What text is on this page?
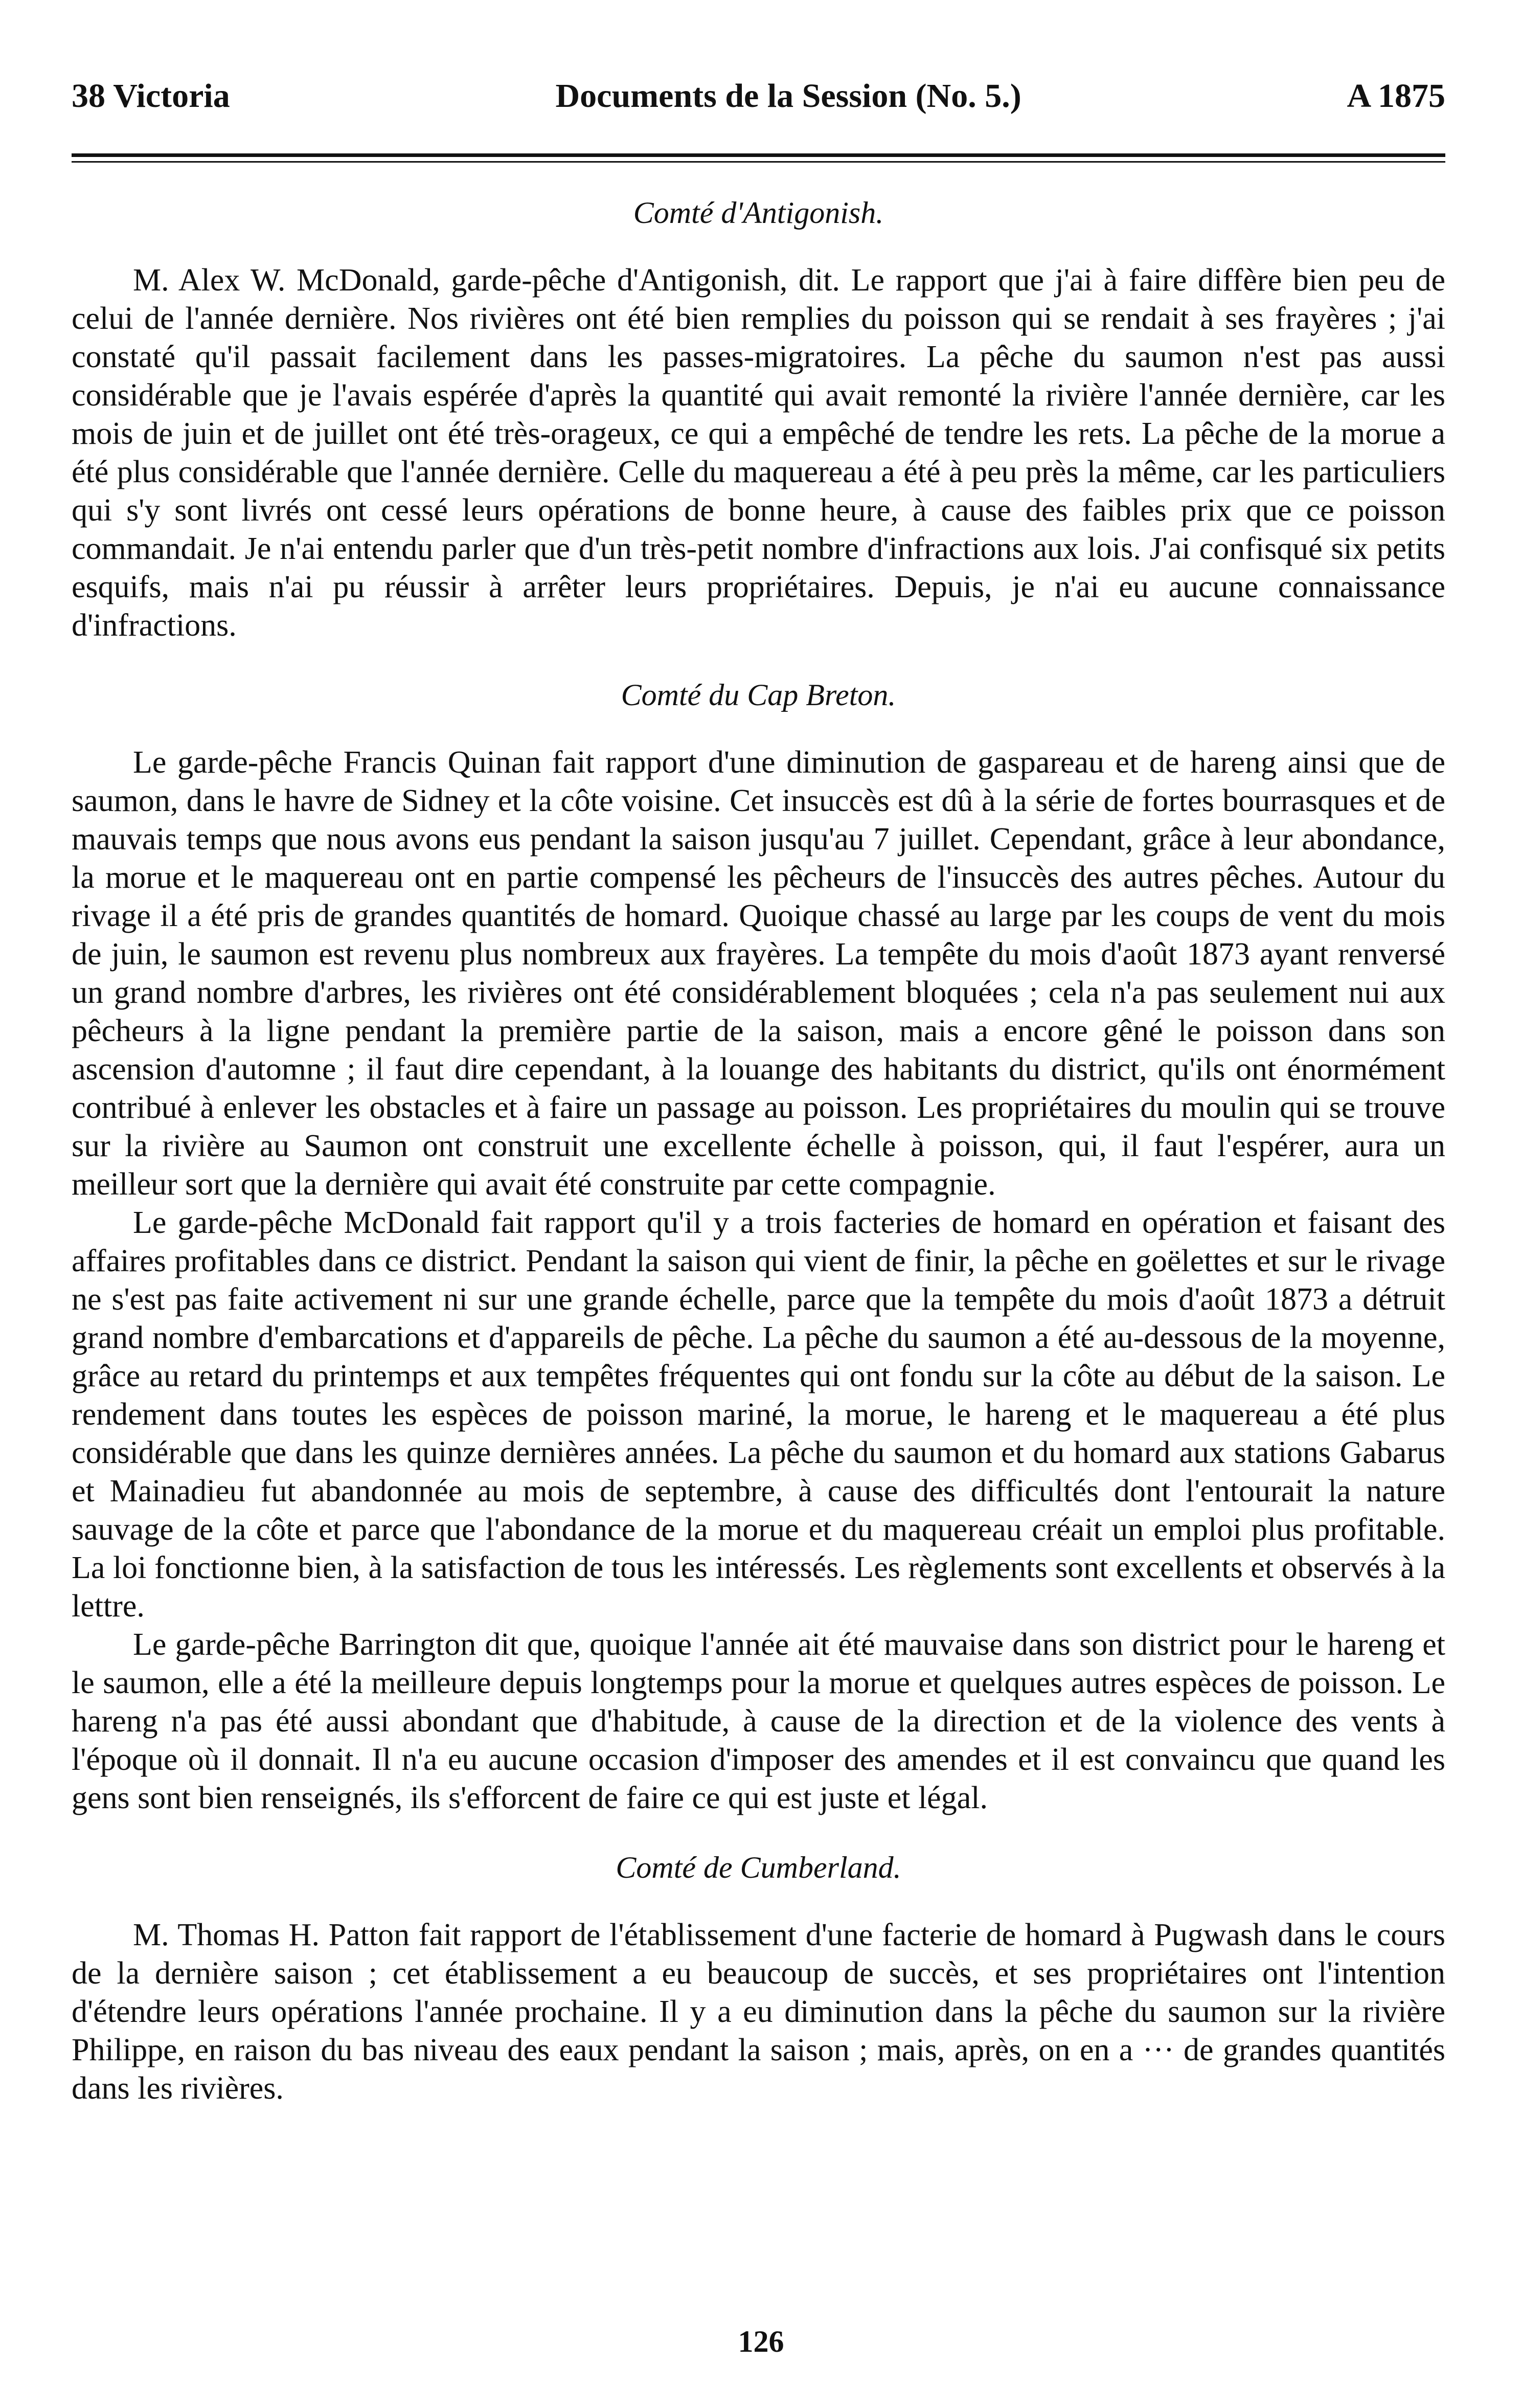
38 Victoria	Documents de la Session (No. 5.)	A 1875
Comté d'Antigonish.

M. Alex W. McDonald, garde-pêche d'Antigonish, dit. Le rapport que j'ai à faire diffère bien peu de celui de l'année dernière. Nos rivières ont été bien remplies du poisson qui se rendait à ses frayères ; j'ai constaté qu'il passait facilement dans les passes-migratoires. La pêche du saumon n'est pas aussi considérable que je l'avais espérée d'après la quantité qui avait remonté la rivière l'année dernière, car les mois de juin et de juillet ont été très-orageux, ce qui a empêché de tendre les rets. La pêche de la morue a été plus considérable que l'année dernière. Celle du maquereau a été à peu près la même, car les particuliers qui s'y sont livrés ont cessé leurs opérations de bonne heure, à cause des faibles prix que ce poisson commandait. Je n'ai entendu parler que d'un très-petit nombre d'infractions aux lois. J'ai confisqué six petits esquifs, mais n'ai pu réussir à arrêter leurs propriétaires. Depuis, je n'ai eu aucune connaissance d'infractions.

Comté du Cap Breton.

Le garde-pêche Francis Quinan fait rapport d'une diminution de gaspareau et de hareng ainsi que de saumon, dans le havre de Sidney et la côte voisine. Cet insuccès est dû à la série de fortes bourrasques et de mauvais temps que nous avons eus pendant la saison jusqu'au 7 juillet. Cependant, grâce à leur abondance, la morue et le maquereau ont en partie compensé les pêcheurs de l'insuccès des autres pêches. Autour du rivage il a été pris de grandes quantités de homard. Quoique chassé au large par les coups de vent du mois de juin, le saumon est revenu plus nombreux aux frayères. La tempête du mois d'août 1873 ayant renversé un grand nombre d'arbres, les rivières ont été considérablement bloquées ; cela n'a pas seulement nui aux pêcheurs à la ligne pendant la première partie de la saison, mais a encore gêné le poisson dans son ascension d'automne ; il faut dire cependant, à la louange des habitants du district, qu'ils ont énormément contribué à enlever les obstacles et à faire un passage au poisson. Les propriétaires du moulin qui se trouve sur la rivière au Saumon ont construit une excellente échelle à poisson, qui, il faut l'espérer, aura un meilleur sort que la dernière qui avait été construite par cette compagnie.

Le garde-pêche McDonald fait rapport qu'il y a trois facteries de homard en opération et faisant des affaires profitables dans ce district. Pendant la saison qui vient de finir, la pêche en goëlettes et sur le rivage ne s'est pas faite activement ni sur une grande échelle, parce que la tempête du mois d'août 1873 a détruit grand nombre d'embarcations et d'appareils de pêche. La pêche du saumon a été au-dessous de la moyenne, grâce au retard du printemps et aux tempêtes fréquentes qui ont fondu sur la côte au début de la saison. Le rendement dans toutes les espèces de poisson mariné, la morue, le hareng et le maquereau a été plus considérable que dans les quinze dernières années. La pêche du saumon et du homard aux stations Gabarus et Mainadieu fut abandonnée au mois de septembre, à cause des difficultés dont l'entourait la nature sauvage de la côte et parce que l'abondance de la morue et du maquereau créait un emploi plus profitable. La loi fonctionne bien, à la satisfaction de tous les intéressés. Les règlements sont excellents et observés à la lettre.

Le garde-pêche Barrington dit que, quoique l'année ait été mauvaise dans son district pour le hareng et le saumon, elle a été la meilleure depuis longtemps pour la morue et quelques autres espèces de poisson. Le hareng n'a pas été aussi abondant que d'habitude, à cause de la direction et de la violence des vents à l'époque où il donnait. Il n'a eu aucune occasion d'imposer des amendes et il est convaincu que quand les gens sont bien renseignés, ils s'efforcent de faire ce qui est juste et légal.

Comté de Cumberland.

M. Thomas H. Patton fait rapport de l'établissement d'une facterie de homard à Pugwash dans le cours de la dernière saison ; cet établissement a eu beaucoup de succès, et ses propriétaires ont l'intention d'étendre leurs opérations l'année prochaine. Il y a eu diminution dans la pêche du saumon sur la rivière Philippe, en raison du bas niveau des eaux pendant la saison ; mais, après, on en a ··· de grandes quantités dans les rivières.

126
